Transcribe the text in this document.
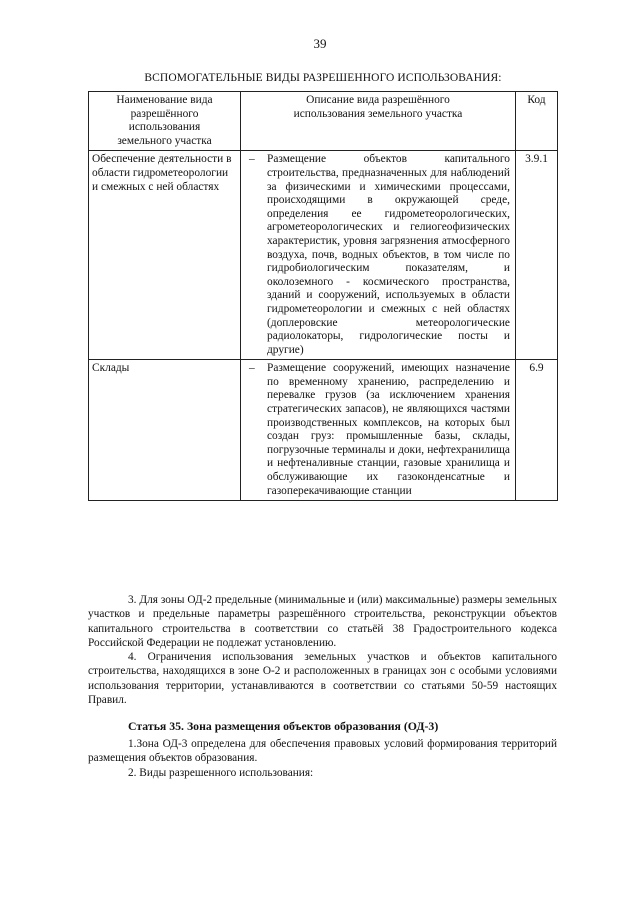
39
ВСПОМОГАТЕЛЬНЫЕ ВИДЫ РАЗРЕШЕННОГО ИСПОЛЬЗОВАНИЯ:
Наименование вида разрешённого использования земельного участка	Описание вида разрешённого использования земельного участка	Код
Обеспечение деятельности в области гидрометеорологии и смежных с ней областях	– Размещение объектов капитального строительства, предназначенных для наблюдений за физическими и химическими процессами, происходящими в окружающей среде, определения ее гидрометеорологических, агрометеорологических и гелиогеофизических характеристик, уровня загрязнения атмосферного воздуха, почв, водных объектов, в том числе по гидробиологическим показателям, и околоземного - космического пространства, зданий и сооружений, используемых в области гидрометеорологии и смежных с ней областях (доплеровские метеорологические радиолокаторы, гидрологические посты и другие)	3.9.1
Склады	– Размещение сооружений, имеющих назначение по временному хранению, распределению и перевалке грузов (за исключением хранения стратегических запасов), не являющихся частями производственных комплексов, на которых был создан груз: промышленные базы, склады, погрузочные терминалы и доки, нефтехранилища и нефтеналивные станции, газовые хранилища и обслуживающие их газоконденсатные и газоперекачивающие станции	6.9

3. Для зоны ОД-2 предельные (минимальные и (или) максимальные) размеры земельных участков и предельные параметры разрешённого строительства, реконструкции объектов капитального строительства в соответствии со статьёй 38 Градостроительного кодекса Российской Федерации не подлежат установлению.

4. Ограничения использования земельных участков и объектов капитального строительства, находящихся в зоне О-2 и расположенных в границах зон с особыми условиями использования территории, устанавливаются в соответствии со статьями 50-59 настоящих Правил.

Статья 35. Зона размещения объектов образования (ОД-3)

1.Зона ОД-3 определена для обеспечения правовых условий формирования территорий размещения объектов образования.

2. Виды разрешенного использования:
